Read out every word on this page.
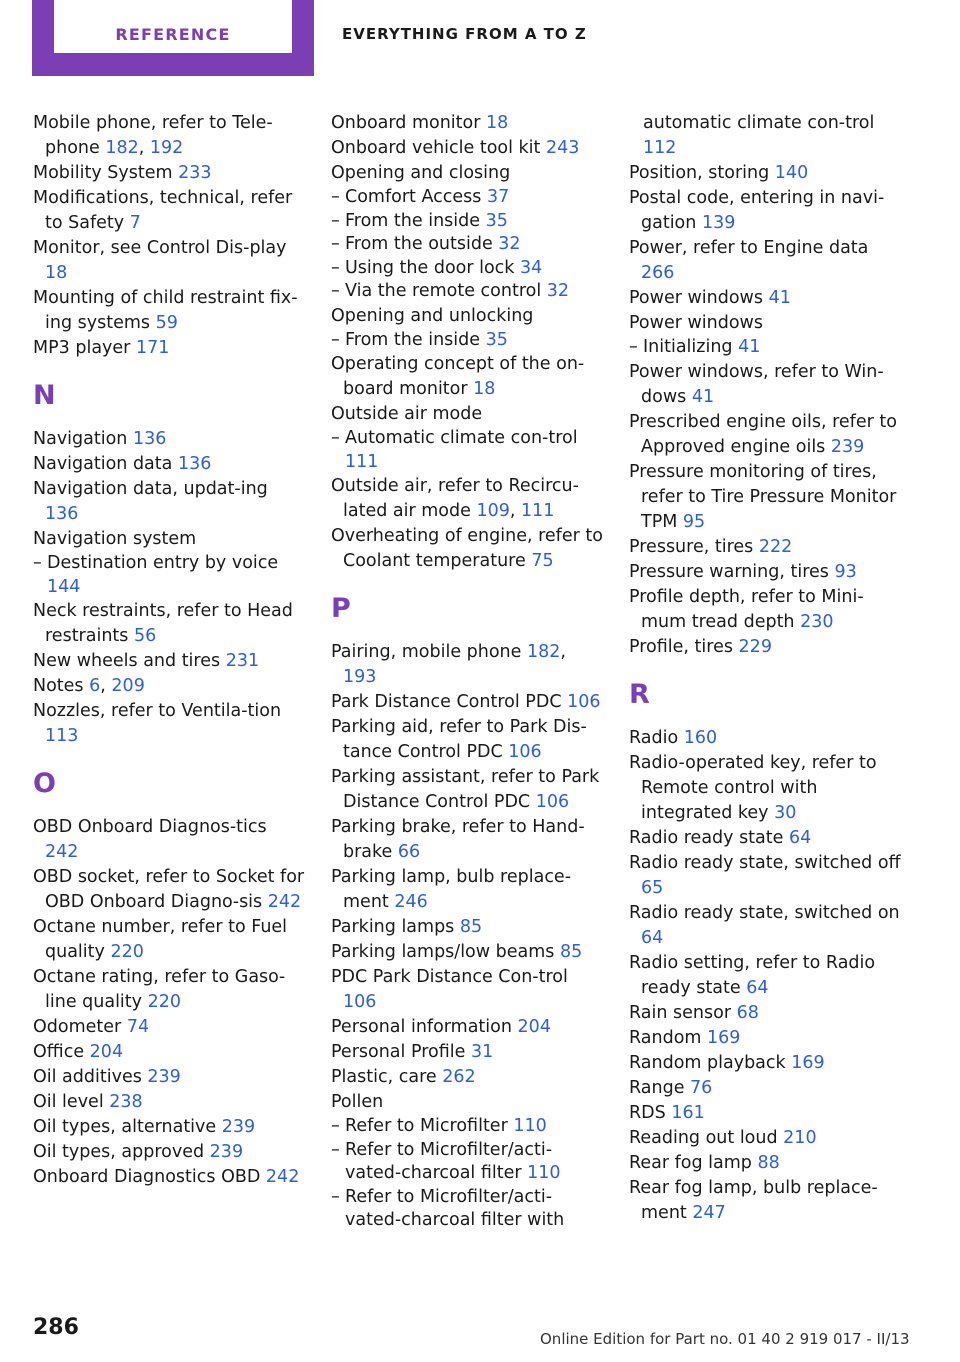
REFERENCE	EVERYTHING FROM A TO Z
Mobile phone, refer to Tele‐phone 182, 192
Mobility System 233
Modifications, technical, refer to Safety 7
Monitor, see Control Dis‐play 18
Mounting of child restraint fix‐ing systems 59
MP3 player 171
N
Navigation 136
Navigation data 136
Navigation data, updat‐ing 136
Navigation system
– Destination entry by voice 144
Neck restraints, refer to Head restraints 56
New wheels and tires 231
Notes 6, 209
Nozzles, refer to Ventila‐tion 113
O
OBD Onboard Diagnos‐tics 242
OBD socket, refer to Socket for OBD Onboard Diagno‐sis 242
Octane number, refer to Fuel quality 220
Octane rating, refer to Gaso‐line quality 220
Odometer 74
Office 204
Oil additives 239
Oil level 238
Oil types, alternative 239
Oil types, approved 239
Onboard Diagnostics OBD 242
Onboard monitor 18
Onboard vehicle tool kit 243
Opening and closing
– Comfort Access 37
– From the inside 35
– From the outside 32
– Using the door lock 34
– Via the remote control 32
Opening and unlocking
– From the inside 35
Operating concept of the on‐board monitor 18
Outside air mode
– Automatic climate con‐trol 111
Outside air, refer to Recircu‐lated air mode 109, 111
Overheating of engine, refer to Coolant temperature 75
P
Pairing, mobile phone 182, 193
Park Distance Control PDC 106
Parking aid, refer to Park Dis‐tance Control PDC 106
Parking assistant, refer to Park Distance Control PDC 106
Parking brake, refer to Hand‐brake 66
Parking lamp, bulb replace‐ment 246
Parking lamps 85
Parking lamps/low beams 85
PDC Park Distance Con‐trol 106
Personal information 204
Personal Profile 31
Plastic, care 262
Pollen
– Refer to Microfilter 110
– Refer to Microfilter/acti‐vated-charcoal filter 110
– Refer to Microfilter/acti‐vated-charcoal filter with
automatic climate con‐trol 112
Position, storing 140
Postal code, entering in navi‐gation 139
Power, refer to Engine data 266
Power windows 41
Power windows
– Initializing 41
Power windows, refer to Win‐dows 41
Prescribed engine oils, refer to Approved engine oils 239
Pressure monitoring of tires, refer to Tire Pressure Monitor TPM 95
Pressure, tires 222
Pressure warning, tires 93
Profile depth, refer to Mini‐mum tread depth 230
Profile, tires 229
R
Radio 160
Radio-operated key, refer to Remote control with integrated key 30
Radio ready state 64
Radio ready state, switched off 65
Radio ready state, switched on 64
Radio setting, refer to Radio ready state 64
Rain sensor 68
Random 169
Random playback 169
Range 76
RDS 161
Reading out loud 210
Rear fog lamp 88
Rear fog lamp, bulb replace‐ment 247
286	Online Edition for Part no. 01 40 2 919 017 - II/13
